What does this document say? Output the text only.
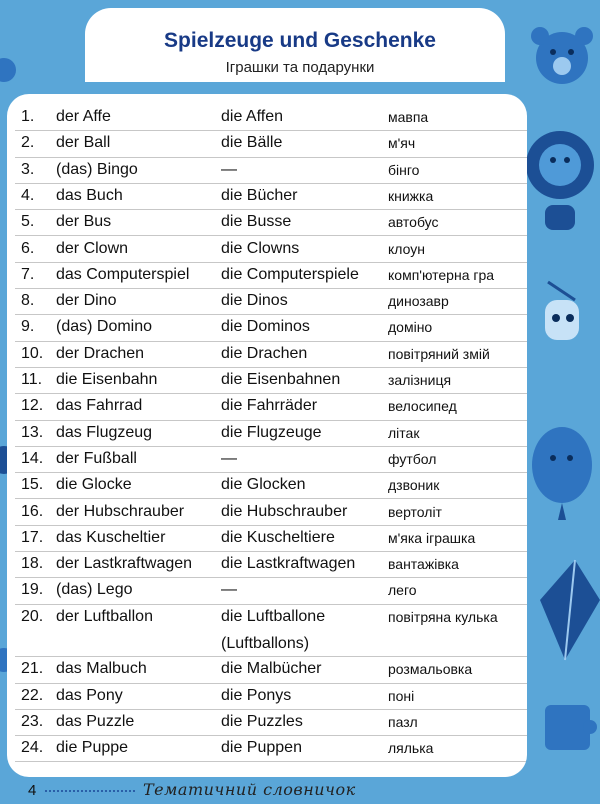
Spielzeuge und Geschenke
Іграшки та подарунки
1. der Affe	die Affen	мавпа
2. der Ball	die Bälle	м'яч
3. (das) Bingo	—	бінго
4. das Buch	die Bücher	книжка
5. der Bus	die Busse	автобус
6. der Clown	die Clowns	клоун
7. das Computerspiel die Computerspiele комп'ютерна гра
8. der Dino	die Dinos	динозавр
9. (das) Domino	die Dominos	доміно
10. der Drachen	die Drachen	повітряний змій
11. die Eisenbahn	die Eisenbahnen	залізниця
12. das Fahrrad	die Fahrräder	велосипед
13. das Flugzeug	die Flugzeuge	літак
14. der Fußball	—	футбол
15. die Glocke	die Glocken	дзвоник
16. der Hubschrauber die Hubschrauber	вертоліт
17. das Kuscheltier	die Kuscheltiere	м'яка іграшка
18. der Lastkraftwagen die Lastkraftwagen вантажівка
19. (das) Lego	—	лего
20. der Luftballon	die Luftballone	повітряна кулька
(Luftballons)
21. das Malbuch	die Malbücher	розмальовка
22. das Pony	die Ponys	поні
23. das Puzzle	die Puzzles	пазл
24. die Puppe	die Puppen	лялька
4	Тематичний словничок
